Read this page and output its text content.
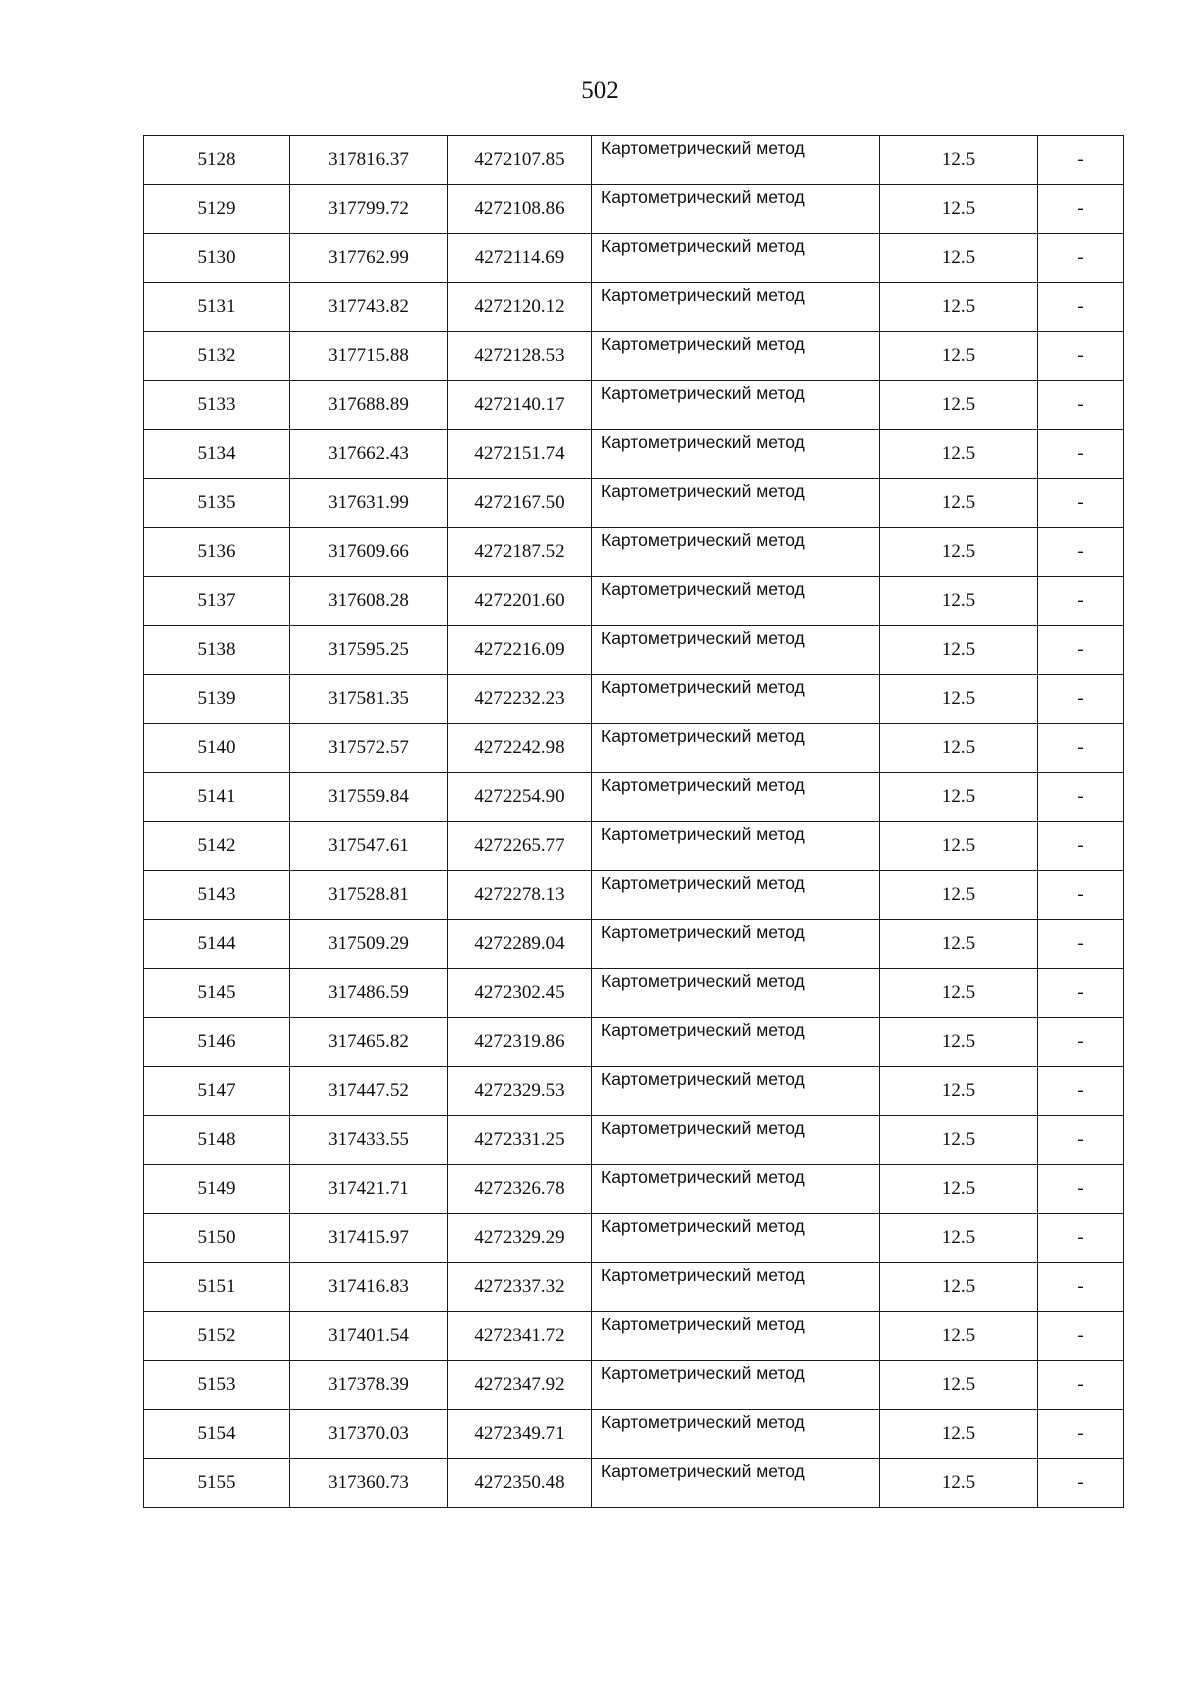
502
5128	317816.37	4272107.85	Картометрический метод	12.5	-
5129	317799.72	4272108.86	Картометрический метод	12.5	-
5130	317762.99	4272114.69	Картометрический метод	12.5	-
5131	317743.82	4272120.12	Картометрический метод	12.5	-
5132	317715.88	4272128.53	Картометрический метод	12.5	-
5133	317688.89	4272140.17	Картометрический метод	12.5	-
5134	317662.43	4272151.74	Картометрический метод	12.5	-
5135	317631.99	4272167.50	Картометрический метод	12.5	-
5136	317609.66	4272187.52	Картометрический метод	12.5	-
5137	317608.28	4272201.60	Картометрический метод	12.5	-
5138	317595.25	4272216.09	Картометрический метод	12.5	-
5139	317581.35	4272232.23	Картометрический метод	12.5	-
5140	317572.57	4272242.98	Картометрический метод	12.5	-
5141	317559.84	4272254.90	Картометрический метод	12.5	-
5142	317547.61	4272265.77	Картометрический метод	12.5	-
5143	317528.81	4272278.13	Картометрический метод	12.5	-
5144	317509.29	4272289.04	Картометрический метод	12.5	-
5145	317486.59	4272302.45	Картометрический метод	12.5	-
5146	317465.82	4272319.86	Картометрический метод	12.5	-
5147	317447.52	4272329.53	Картометрический метод	12.5	-
5148	317433.55	4272331.25	Картометрический метод	12.5	-
5149	317421.71	4272326.78	Картометрический метод	12.5	-
5150	317415.97	4272329.29	Картометрический метод	12.5	-
5151	317416.83	4272337.32	Картометрический метод	12.5	-
5152	317401.54	4272341.72	Картометрический метод	12.5	-
5153	317378.39	4272347.92	Картометрический метод	12.5	-
5154	317370.03	4272349.71	Картометрический метод	12.5	-
5155	317360.73	4272350.48	Картометрический метод	12.5	-
